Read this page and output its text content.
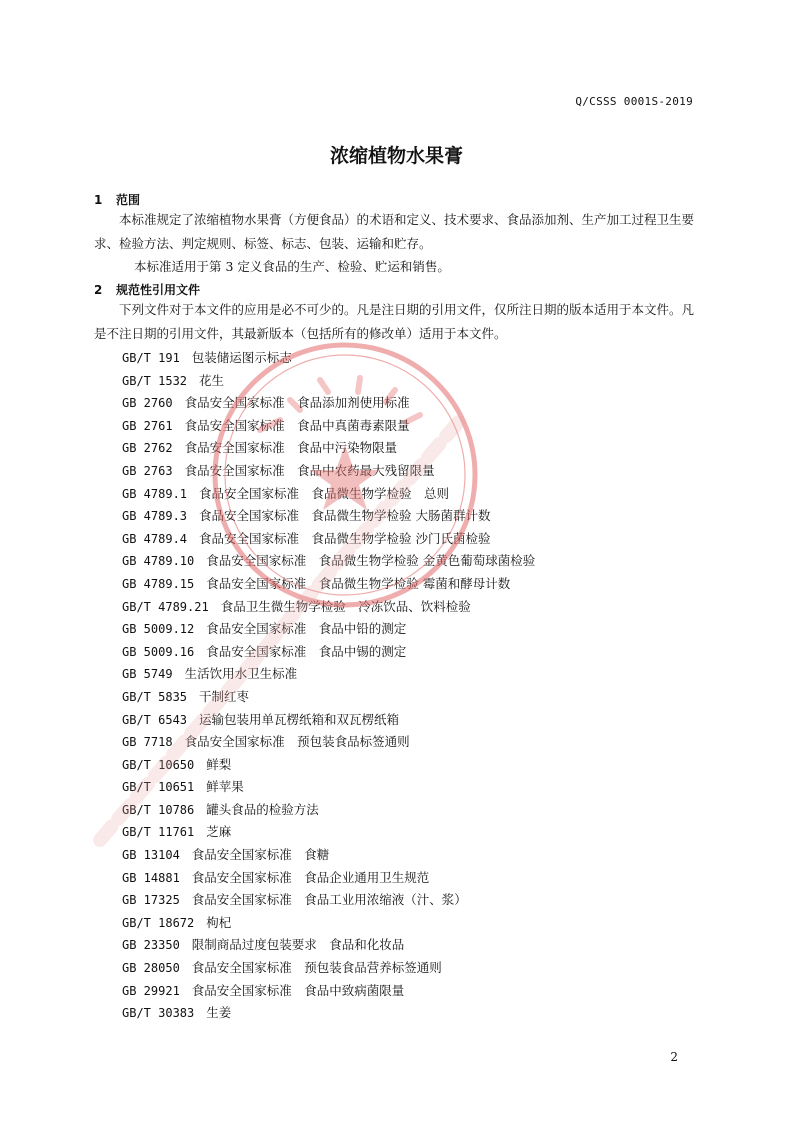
Q/CSSS 0001S-2019
浓缩植物水果膏
1 范围
本标准规定了浓缩植物水果膏（方便食品）的术语和定义、技术要求、食品添加剂、生产加工过程卫生要求、检验方法、判定规则、标签、标志、包装、运输和贮存。
本标准适用于第 3 定义食品的生产、检验、贮运和销售。
2 规范性引用文件
下列文件对于本文件的应用是必不可少的。凡是注日期的引用文件，仅所注日期的版本适用于本文件。凡是不注日期的引用文件，其最新版本（包括所有的修改单）适用于本文件。
GB/T 191 包装储运图示标志
GB/T 1532 花生
GB 2760 食品安全国家标准　食品添加剂使用标准
GB 2761 食品安全国家标准　食品中真菌毒素限量
GB 2762 食品安全国家标准　食品中污染物限量
GB 2763 食品安全国家标准　食品中农药最大残留限量
GB 4789.1 食品安全国家标准　食品微生物学检验　总则
GB 4789.3 食品安全国家标准　食品微生物学检验 大肠菌群计数
GB 4789.4 食品安全国家标准　食品微生物学检验 沙门氏菌检验
GB 4789.10 食品安全国家标准　食品微生物学检验 金黄色葡萄球菌检验
GB 4789.15 食品安全国家标准　食品微生物学检验 霉菌和酵母计数
GB/T 4789.21 食品卫生微生物学检验　冷冻饮品、饮料检验
GB 5009.12 食品安全国家标准　食品中铅的测定
GB 5009.16 食品安全国家标准　食品中锡的测定
GB 5749 生活饮用水卫生标准
GB/T 5835 干制红枣
GB/T 6543 运输包装用单瓦楞纸箱和双瓦楞纸箱
GB 7718 食品安全国家标准　预包装食品标签通则
GB/T 10650 鲜梨
GB/T 10651 鲜苹果
GB/T 10786 罐头食品的检验方法
GB/T 11761 芝麻
GB 13104 食品安全国家标准　食糖
GB 14881 食品安全国家标准　食品企业通用卫生规范
GB 17325 食品安全国家标准　食品工业用浓缩液（汁、浆）
GB/T 18672 枸杞
GB 23350 限制商品过度包装要求　食品和化妆品
GB 28050 食品安全国家标准　预包装食品营养标签通则
GB 29921 食品安全国家标准　食品中致病菌限量
GB/T 30383 生姜
2
